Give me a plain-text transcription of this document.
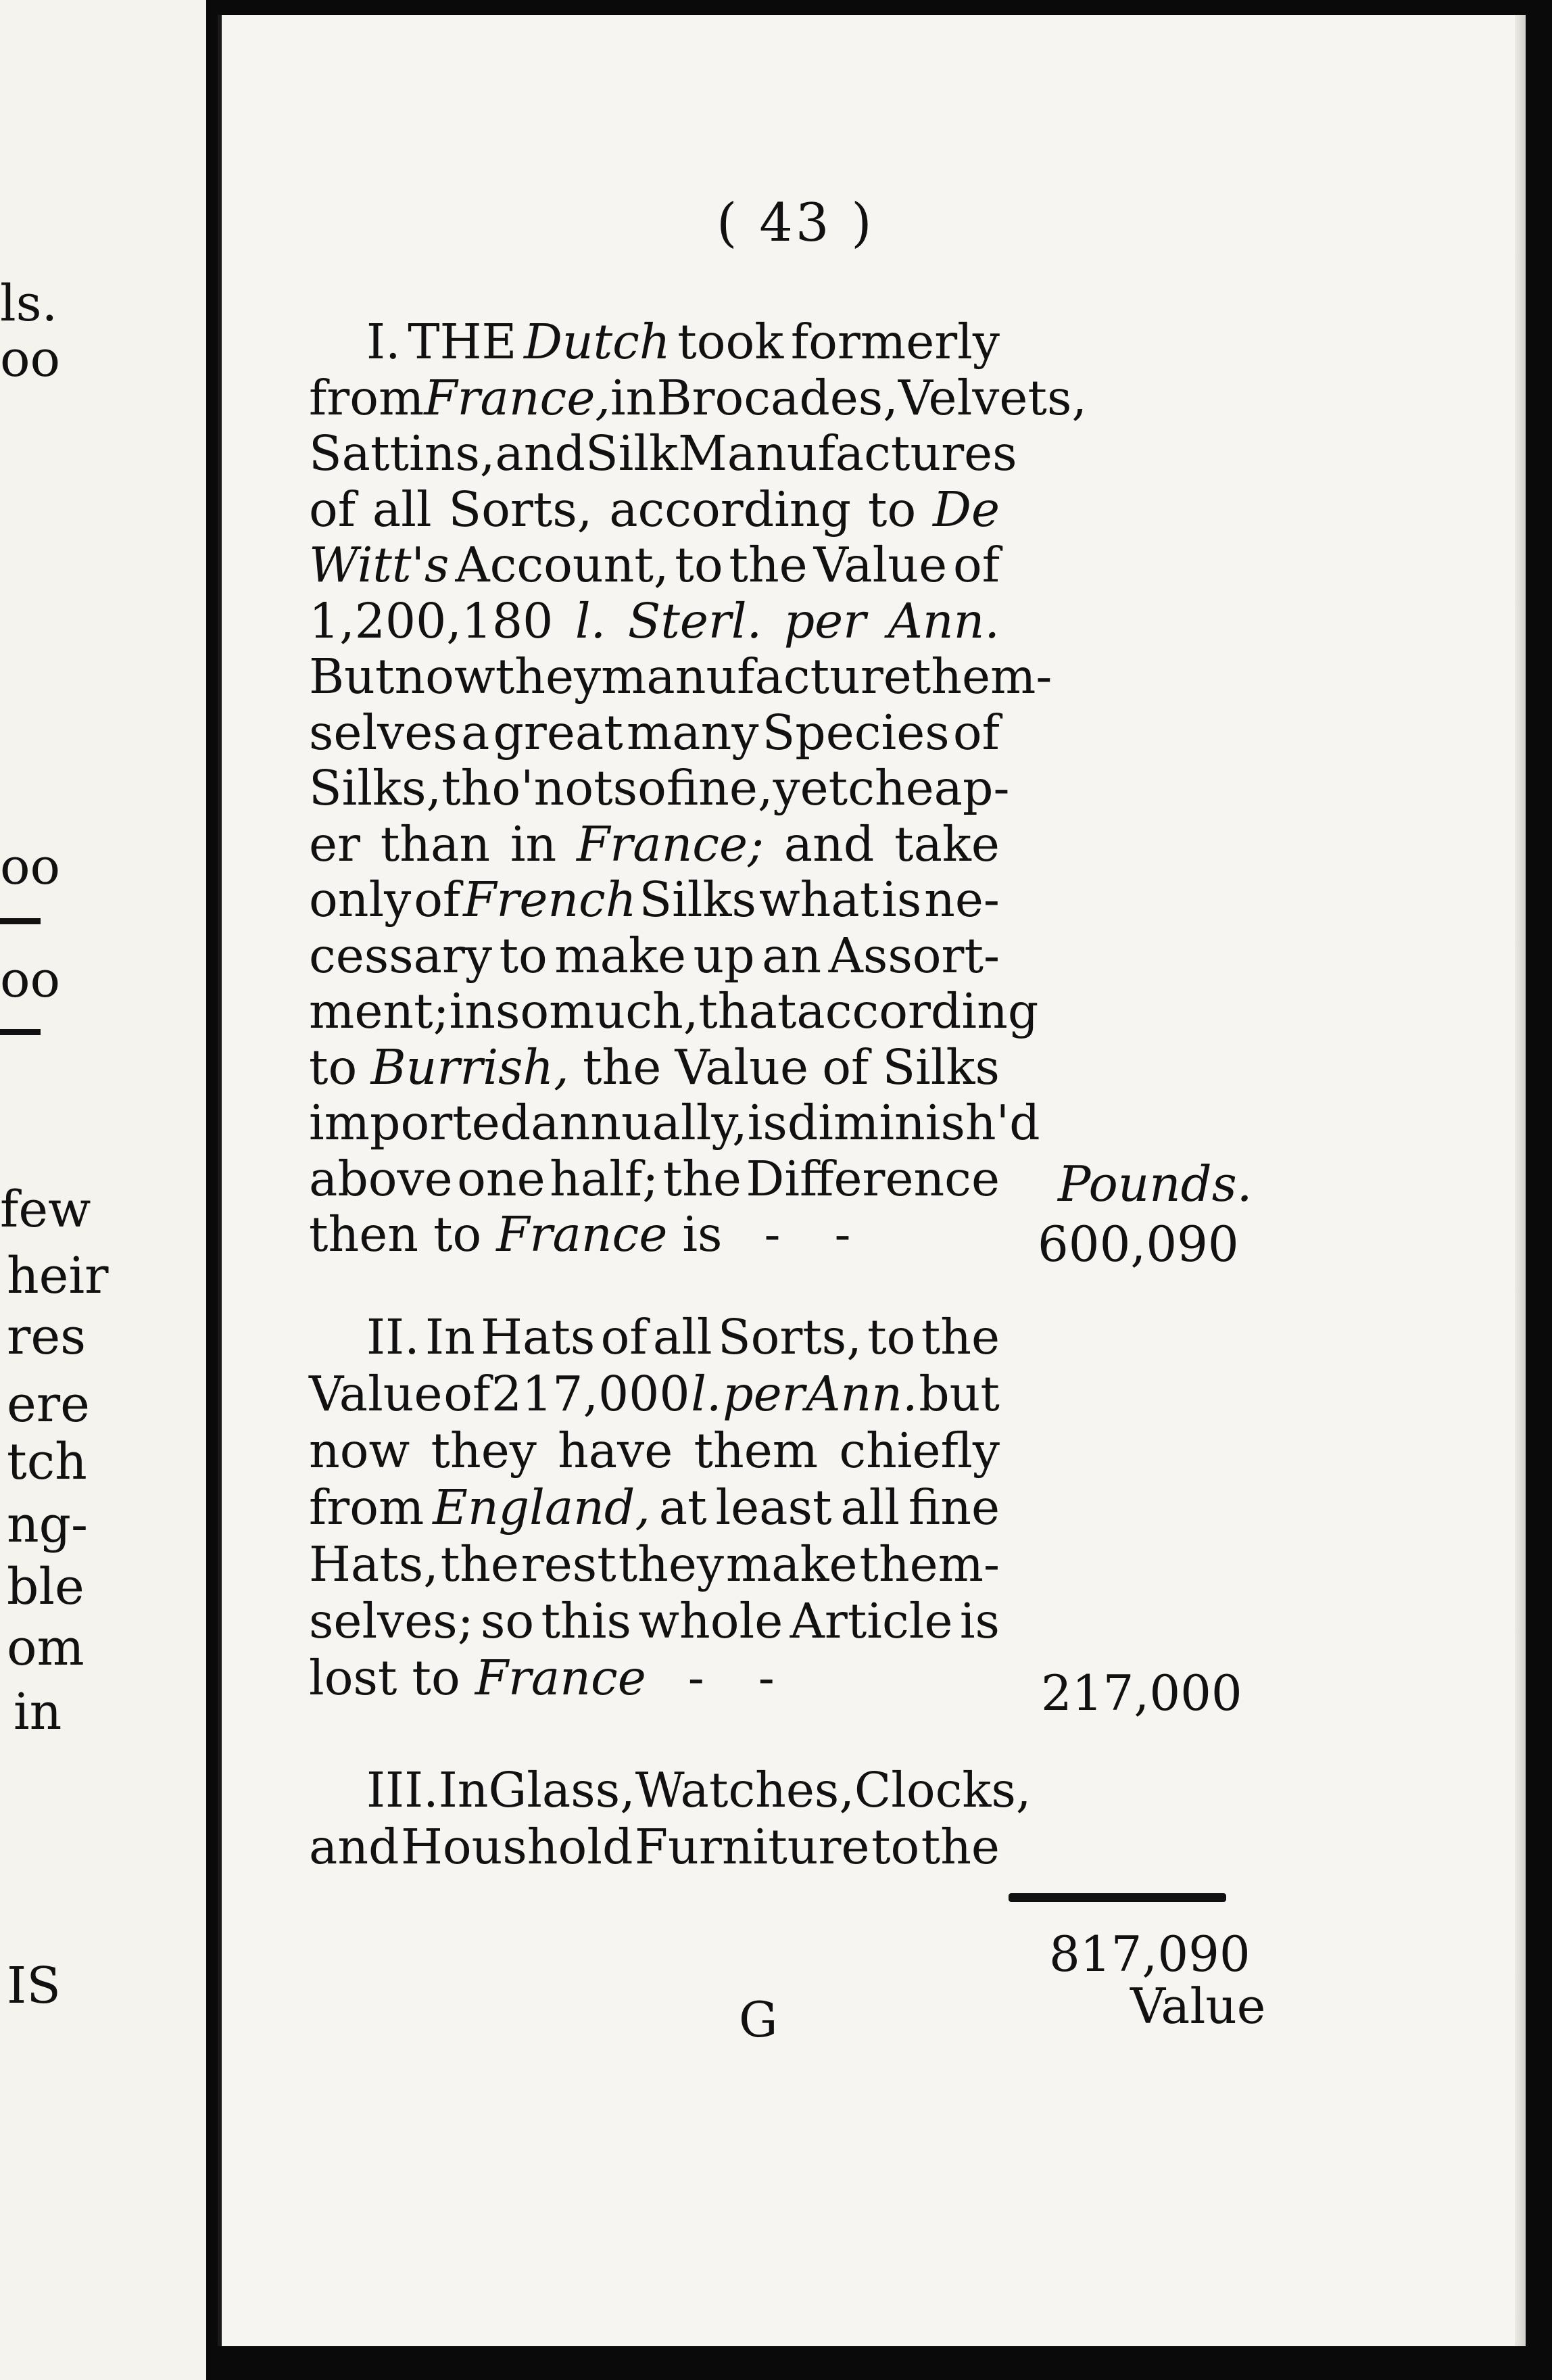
ls.
oo
oo
oo
few
heir
res
ere
tch
ng-
ble
om
in
IS
( 43 )
I. THE Dutch took formerly
from France, in Brocades, Velvets,
Sattins, and Silk Manufactures
of all Sorts, according to De
Witt's Account, to the Value of
1,200,180 l. Sterl. per Ann.
But now they manufacture them-
selves a great many Species of
Silks, tho' not so fine, yet cheap-
er than in France; and take
only of French Silks what is ne-
cessary to make up an Assort-
ment; insomuch, that according
to Burrish, the Value of Silks
imported annually, is diminish'd
above one half; the Difference
then to France is - -
Pounds.
600,090
II. In Hats of all Sorts, to the
Value of 217,000 l. per Ann. but
now they have them chiefly
from England, at least all fine
Hats, the rest they make them-
selves; so this whole Article is
lost to France - -	217,000
III. In Glass, Watches, Clocks,
and Houshold Furniture to the
817,090
G	Value
